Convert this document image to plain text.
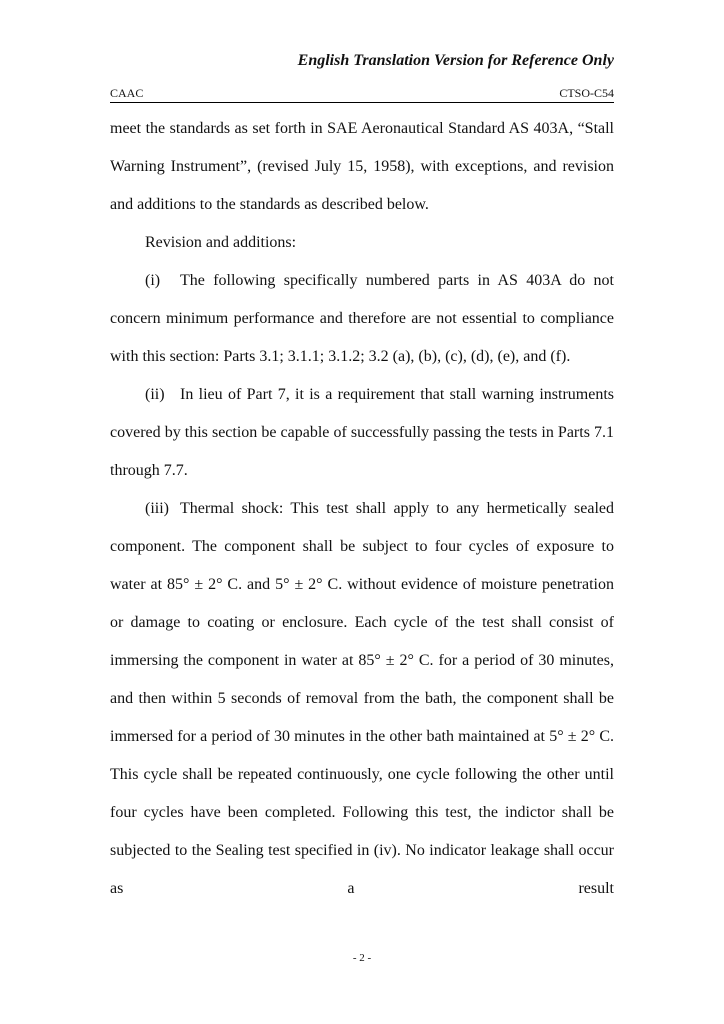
English Translation Version for Reference Only
CAAC	CTSO-C54

meet the standards as set forth in SAE Aeronautical Standard AS 403A, “Stall Warning Instrument”, (revised July 15, 1958), with exceptions, and revision and additions to the standards as described below.

Revision and additions:

(i) The following specifically numbered parts in AS 403A do not concern minimum performance and therefore are not essential to compliance with this section: Parts 3.1; 3.1.1; 3.1.2; 3.2 (a), (b), (c), (d), (e), and (f).

(ii) In lieu of Part 7, it is a requirement that stall warning instruments covered by this section be capable of successfully passing the tests in Parts 7.1 through 7.7.

(iii) Thermal shock: This test shall apply to any hermetically sealed component. The component shall be subject to four cycles of exposure to water at 85° ± 2° C. and 5° ± 2° C. without evidence of moisture penetration or damage to coating or enclosure. Each cycle of the test shall consist of immersing the component in water at 85° ± 2° C. for a period of 30 minutes, and then within 5 seconds of removal from the bath, the component shall be immersed for a period of 30 minutes in the other bath maintained at 5° ± 2° C. This cycle shall be repeated continuously, one cycle following the other until four cycles have been completed. Following this test, the indictor shall be subjected to the Sealing test specified in (iv). No indicator leakage shall occur as a result

- 2 -
